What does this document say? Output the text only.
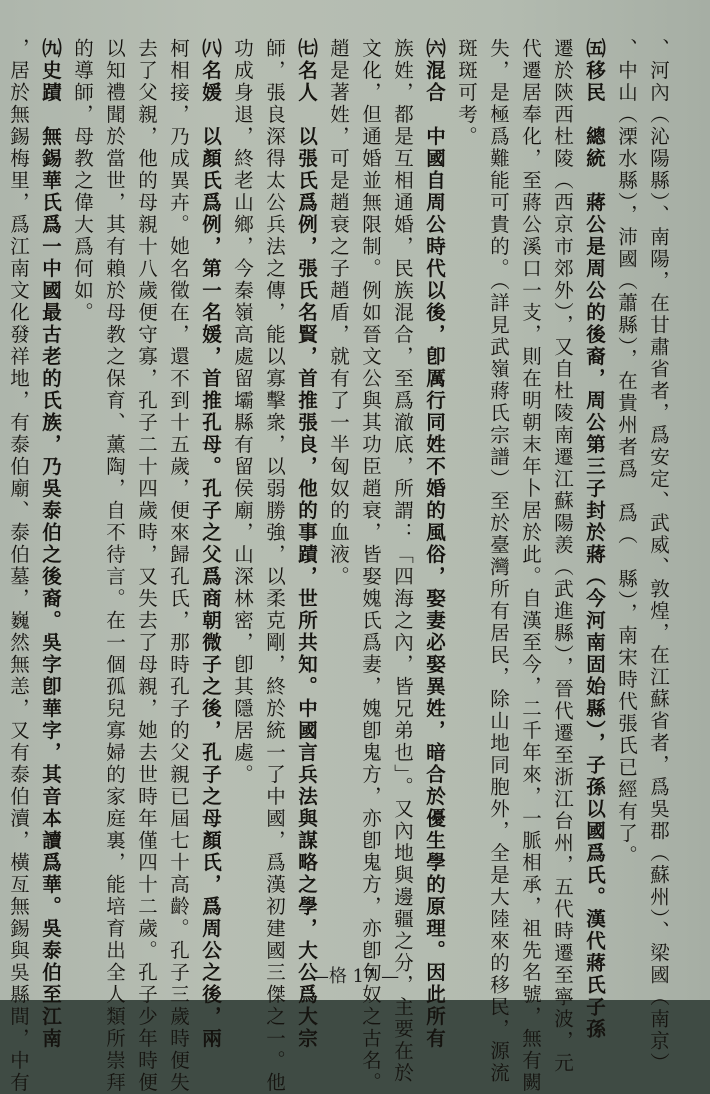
、河內（沁陽縣）、南陽，在甘肅省者，爲安定、武威、敦煌，在江蘇省者，爲吳郡（蘇州）、梁國（南京）
、中山（溧水縣），沛國（蕭縣），在貴州者爲　爲（　縣），南宋時代張氏已經有了。
㈤移民　總統　蔣公是周公的後裔，周公第三子封於蔣（今河南固始縣），子孫以國爲氏。漢代蔣氏子孫
遷於陝西杜陵（西京市郊外），又自杜陵南遷江蘇陽羨（武進縣），晉代遷至浙江台州，五代時遷至寧波，元
代遷居奉化，至蔣公溪口一支，則在明朝末年卜居於此。自漢至今，二千年來，一脈相承，祖先名號，無有闕
失，是極爲難能可貴的。（詳見武嶺蔣氏宗譜）至於臺灣所有居民，除山地同胞外，全是大陸來的移民，源流
斑斑可考。
㈥混合　中國自周公時代以後，卽厲行同姓不婚的風俗，娶妻必娶異姓，暗合於優生學的原理。因此所有
族姓，都是互相通婚，民族混合，至爲澈底，所謂：「四海之內，皆兄弟也」。又內地與邊疆之分，主要在於
文化，但通婚並無限制。例如晉文公與其功臣趙衰，皆娶媿氏爲妻，媿卽鬼方，亦卽鬼方，亦卽匈奴之古名。
趙是著姓，可是趙衰之子趙盾，就有了一半匈奴的血液。
㈦名人　以張氏爲例，張氏名賢，首推張良，他的事蹟，世所共知。中國言兵法與謀略之學，大公爲大宗
師，張良深得太公兵法之傳，能以寡擊衆，以弱勝強，以柔克剛，終於統一了中國，爲漢初建國三傑之一。他
功成身退，終老山鄉，今秦嶺高處留壩縣有留侯廟，山深林密，卽其隱居處。
㈧名媛　以顏氏爲例，第一名媛，首推孔母。孔子之父爲商朝微子之後，孔子之母顏氏，爲周公之後，兩
柯相接，乃成異卉。她名徵在，還不到十五歲，便來歸孔氏，那時孔子的父親已屆七十高齡。孔子三歲時便失
去了父親，他的母親十八歲便守寡，孔子二十四歲時，又失去了母親，她去世時年僅四十二歲。孔子少年時便
以知禮聞於當世，其有賴於母教之保育、薰陶，自不待言。在一個孤兒寡婦的家庭裏，能培育出全人類所崇拜
的導師，母教之偉大爲何如。
㈨史蹟　無錫華氏爲一中國最古老的氏族，乃吳泰伯之後裔。吳字卽華字，其音本讀爲華。吳泰伯至江南
，居於無錫梅里，爲江南文化發祥地，有泰伯廟、泰伯墓，巍然無恙，又有泰伯瀆，橫亙無錫與吳縣間，中有	—格 17 —
